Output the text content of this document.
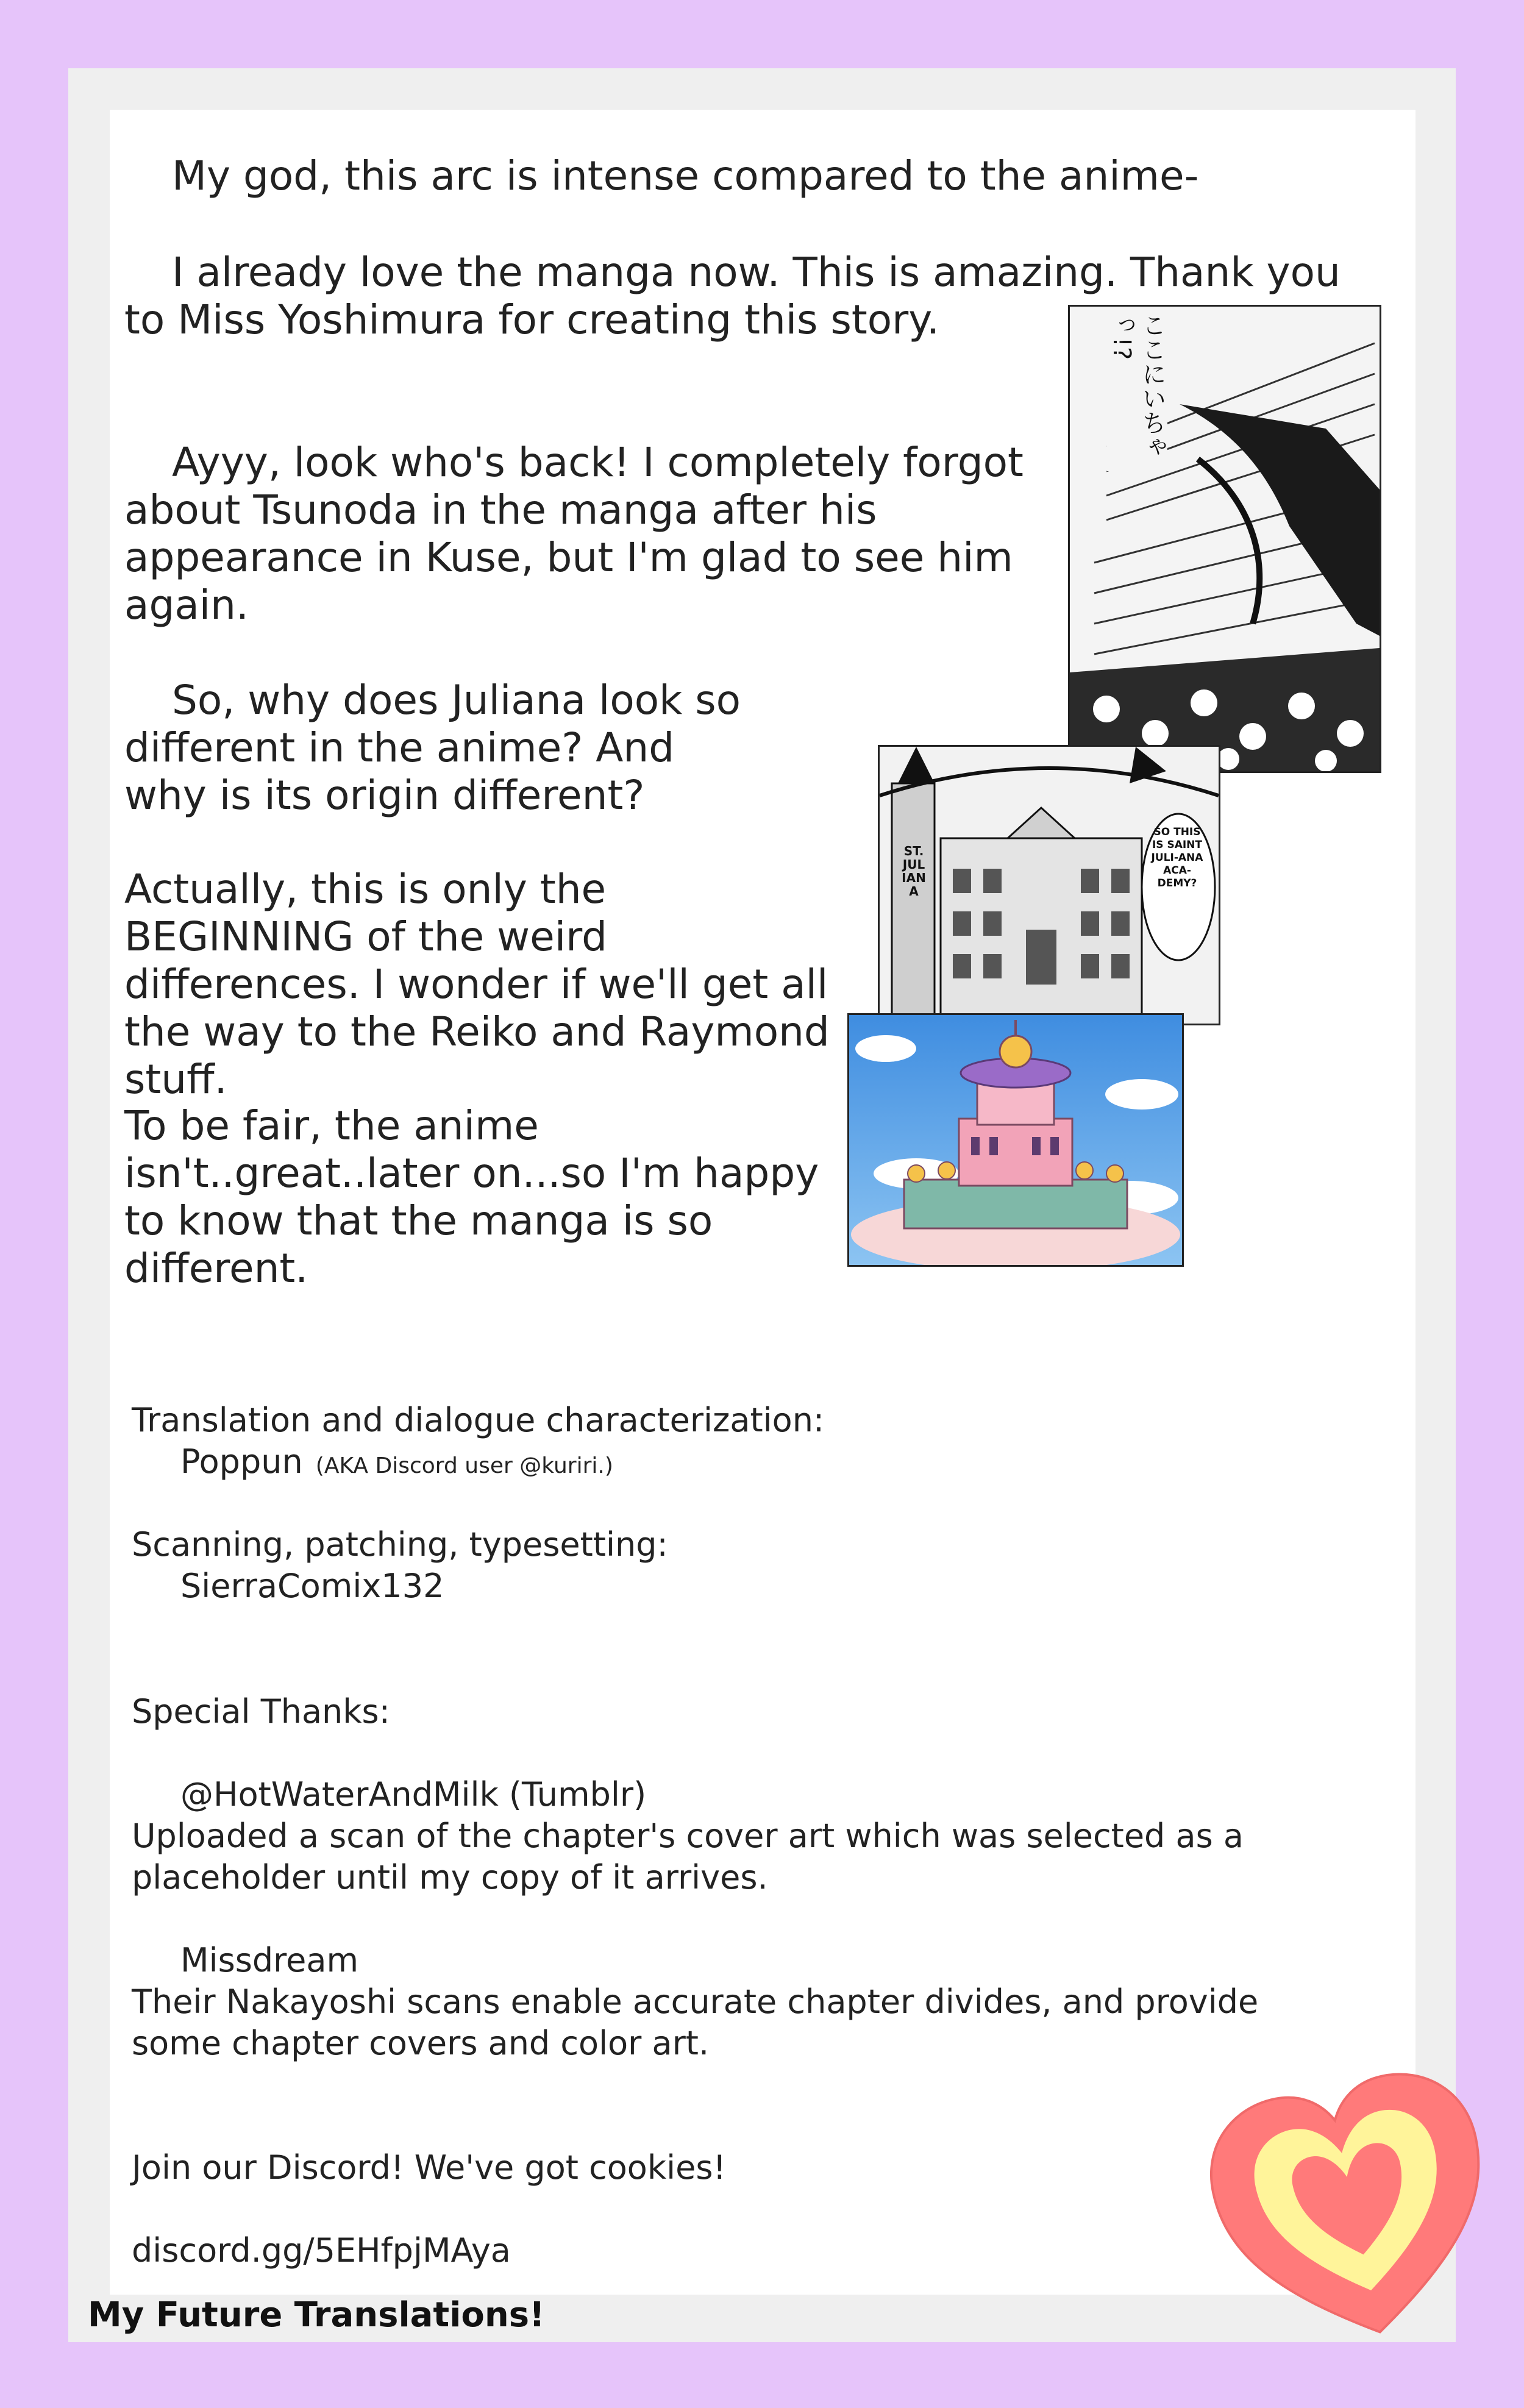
My god, this arc is intense compared to the anime-

I already love the manga now. This is amazing. Thank you to Miss Yoshimura for creating this story.

Ayyy, look who's back! I completely forgot about Tsunoda in the manga after his appearance in Kuse, but I'm glad to see him again.

So, why does Juliana look so different in the anime? And why is its origin different?

Actually, this is only the BEGINNING of the weird differences. I wonder if we'll get all the way to the Reiko and Raymond stuff.

To be fair, the anime isn't..great..later on...so I'm happy to know that the manga is so different.

ここにいちゃっ!?
ST. JULIANA
SO THIS IS SAINT JULI-ANA ACA-DEMY?

Translation and dialogue characterization:

Poppun (AKA Discord user @kuriri.)

Scanning, patching, typesetting:

SierraComix132

Special Thanks:

@HotWaterAndMilk (Tumblr)

Uploaded a scan of the chapter's cover art which was selected as a placeholder until my copy of it arrives.

Missdream

Their Nakayoshi scans enable accurate chapter divides, and provide some chapter covers and color art.

Join our Discord! We've got cookies!

discord.gg/5EHfpjMAya
My Future Translations!
